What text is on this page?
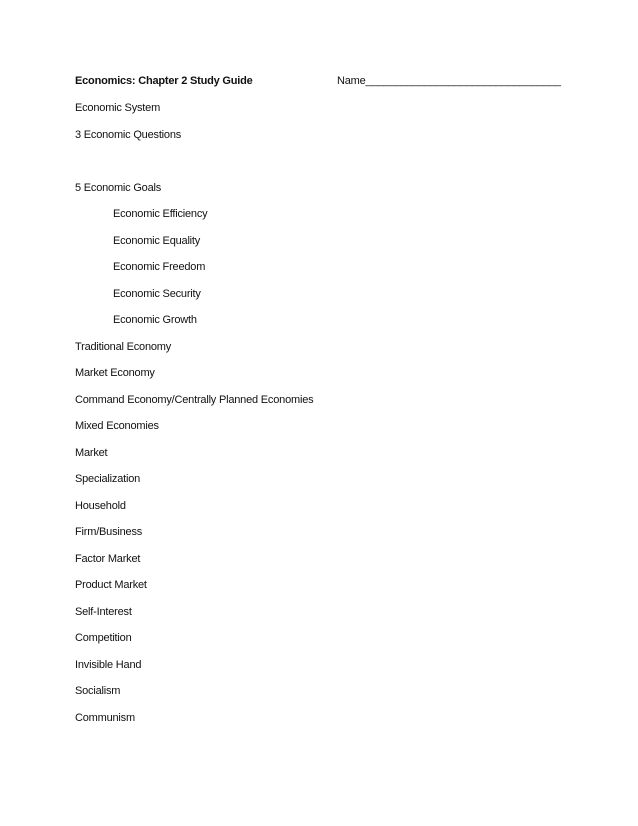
Economics: Chapter 2 Study Guide	Name_________________________________
Economic System
3 Economic Questions
5 Economic Goals
Economic Efficiency
Economic Equality
Economic Freedom
Economic Security
Economic Growth
Traditional Economy
Market Economy
Command Economy/Centrally Planned Economies
Mixed Economies
Market
Specialization
Household
Firm/Business
Factor Market
Product Market
Self-Interest
Competition
Invisible Hand
Socialism
Communism
